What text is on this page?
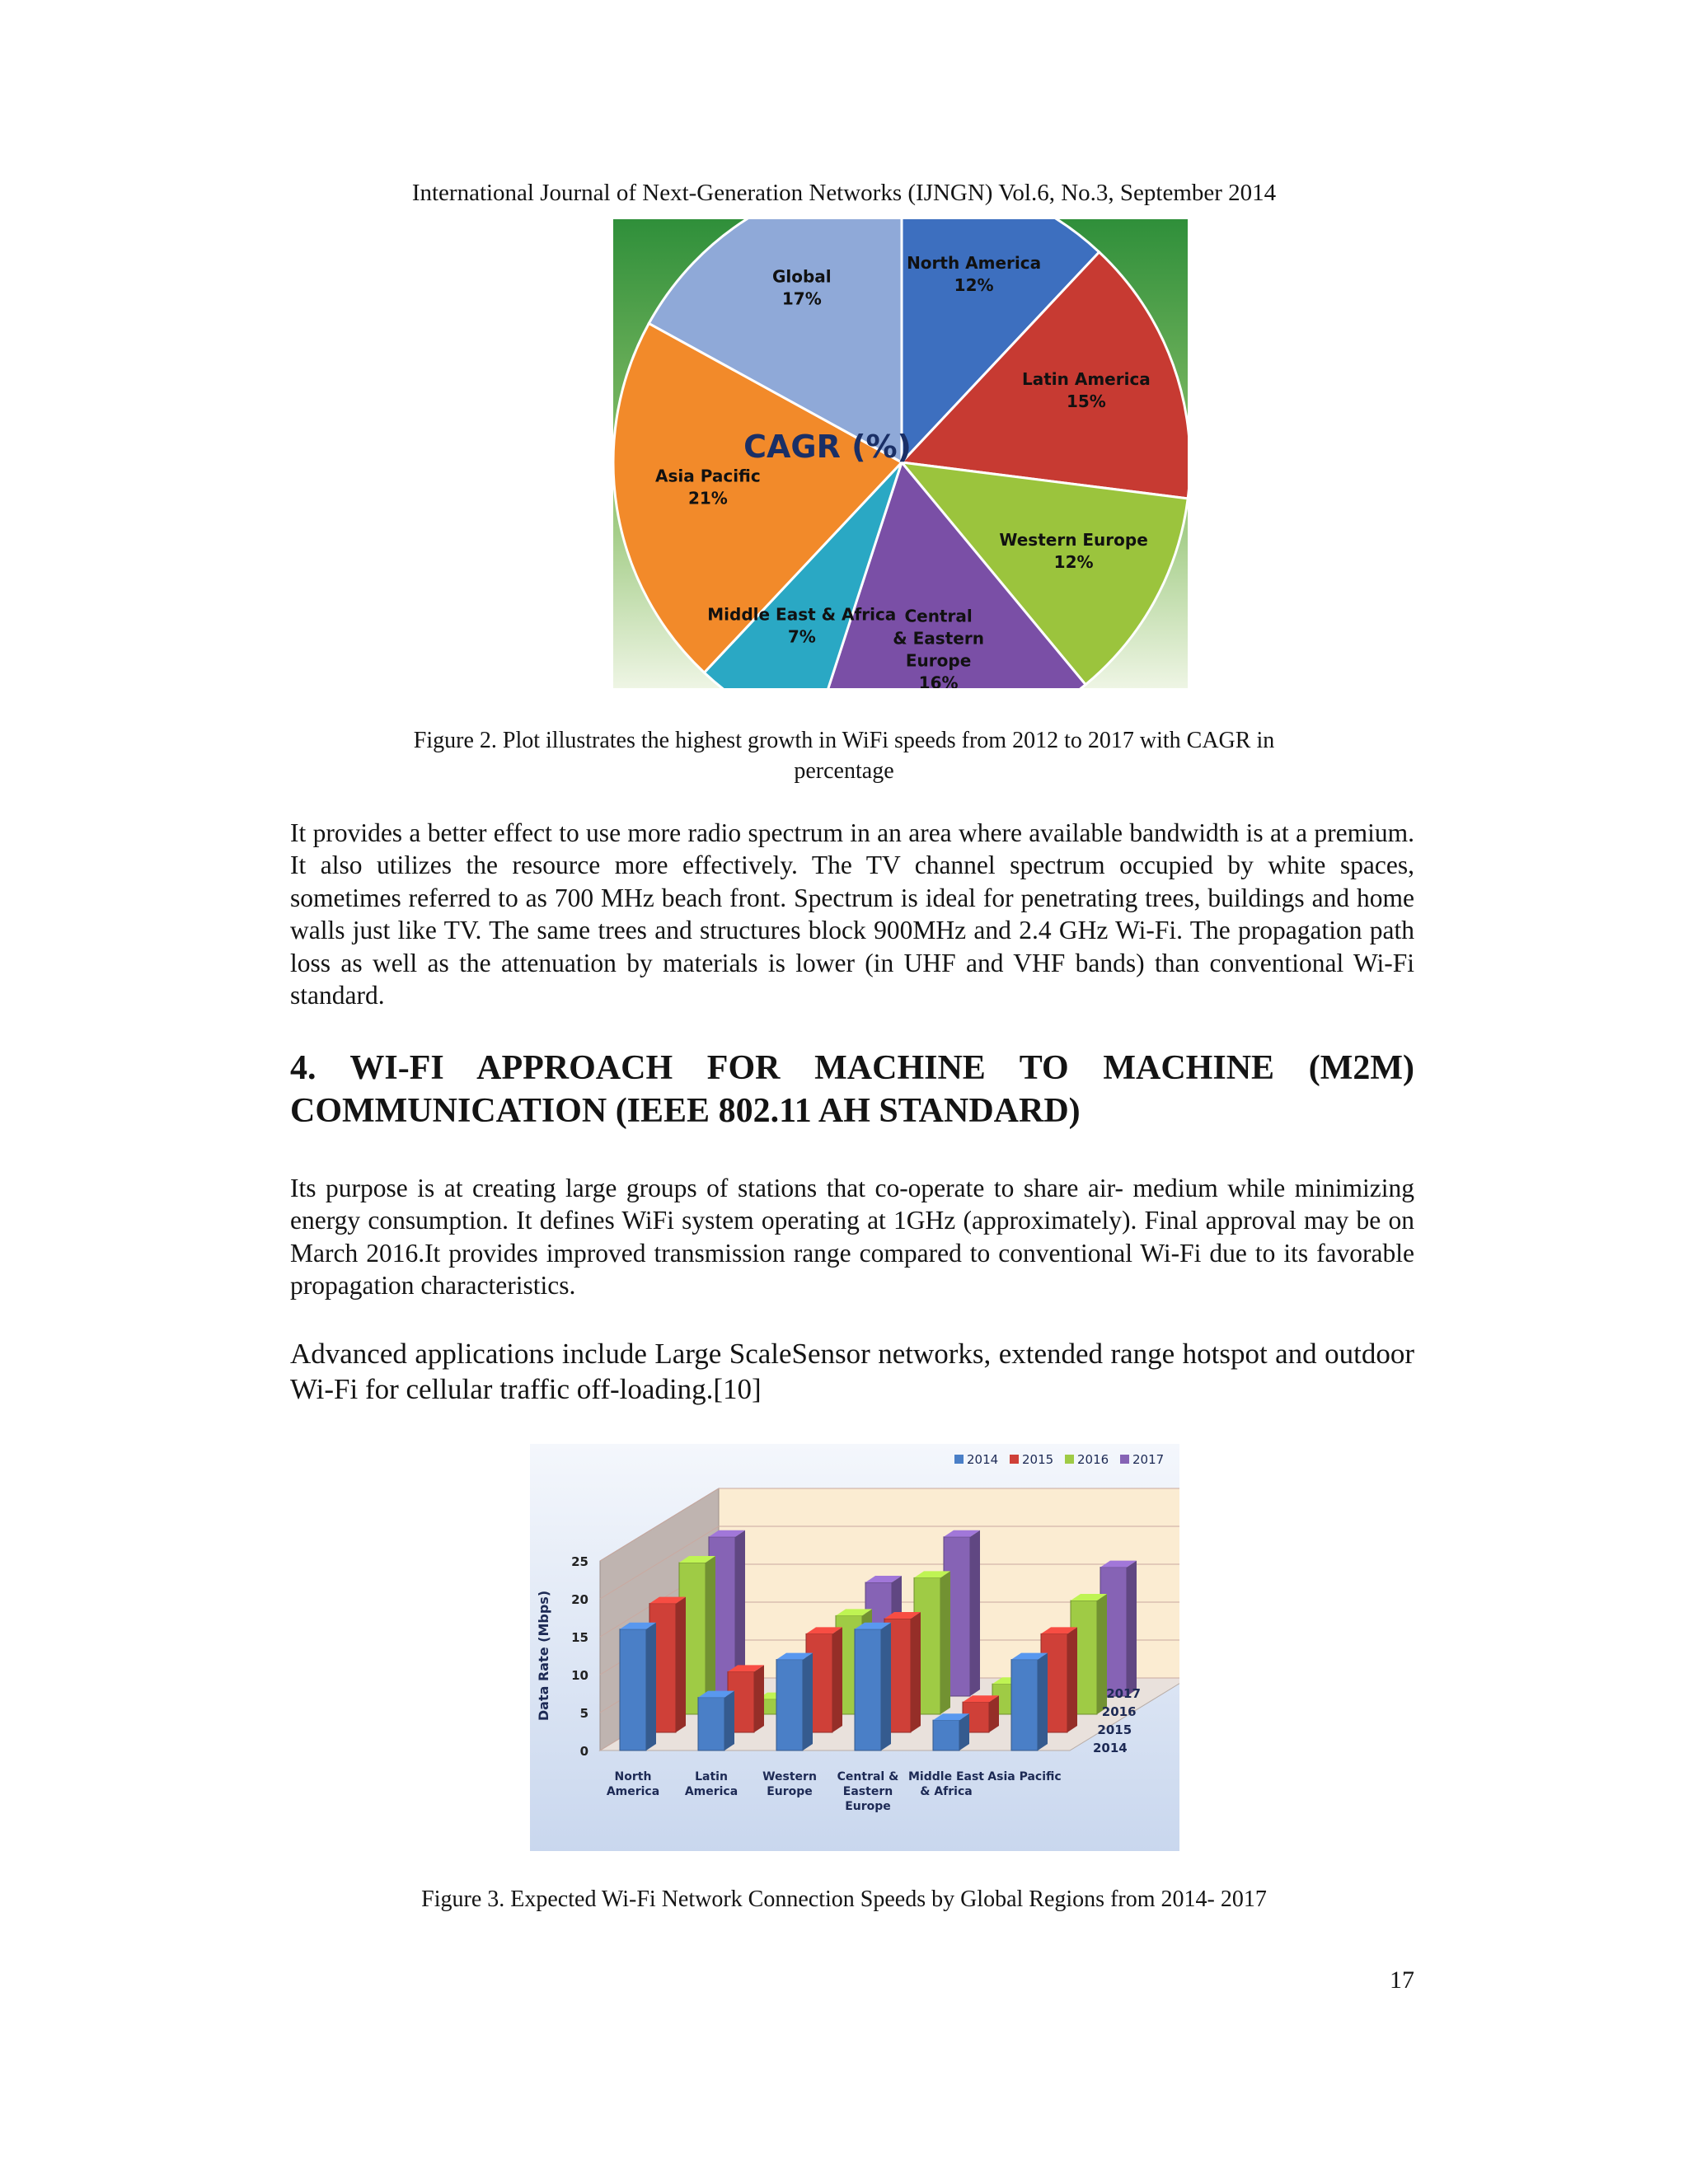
International Journal of Next-Generation Networks (IJNGN) Vol.6, No.3, September 2014
North America
12%
Latin America
15%
Western Europe
12%
Central
& Eastern
Europe
16%
Middle East & Africa
7%
Asia Pacific
21%
Global
17%
CAGR (%)
Figure 2. Plot illustrates the highest growth in WiFi speeds from 2012 to 2017 with CAGR in
percentage
It provides a better effect to use more radio spectrum in an area where available bandwidth is at a premium. It also utilizes the resource more effectively. The TV channel spectrum occupied by white spaces, sometimes referred to as 700 MHz beach front. Spectrum is ideal for penetrating trees, buildings and home walls just like TV. The same trees and structures block 900MHz and 2.4 GHz Wi-Fi. The propagation path loss as well as the attenuation by materials is lower (in UHF and VHF bands) than conventional Wi-Fi standard.
4. WI-FI APPROACH FOR MACHINE TO MACHINE (M2M) COMMUNICATION (IEEE 802.11 AH STANDARD)
Its purpose is at creating large groups of stations that co-operate to share air- medium while minimizing energy consumption. It defines WiFi system operating at 1GHz (approximately). Final approval may be on March 2016.It provides improved transmission range compared to conventional Wi-Fi due to its favorable propagation characteristics.
Advanced applications include Large ScaleSensor networks, extended range hotspot and outdoor Wi-Fi for cellular traffic off-loading.[10]
0
5
10
15
20
25
Data Rate (Mbps)
North
America
Latin
America
Western
Europe
Central &
Eastern
Europe
Middle East
& Africa
Asia Pacific
2017
2016
2015
2014
2014 2015 2016 2017
Figure 3. Expected Wi-Fi Network Connection Speeds by Global Regions from 2014- 2017
17
